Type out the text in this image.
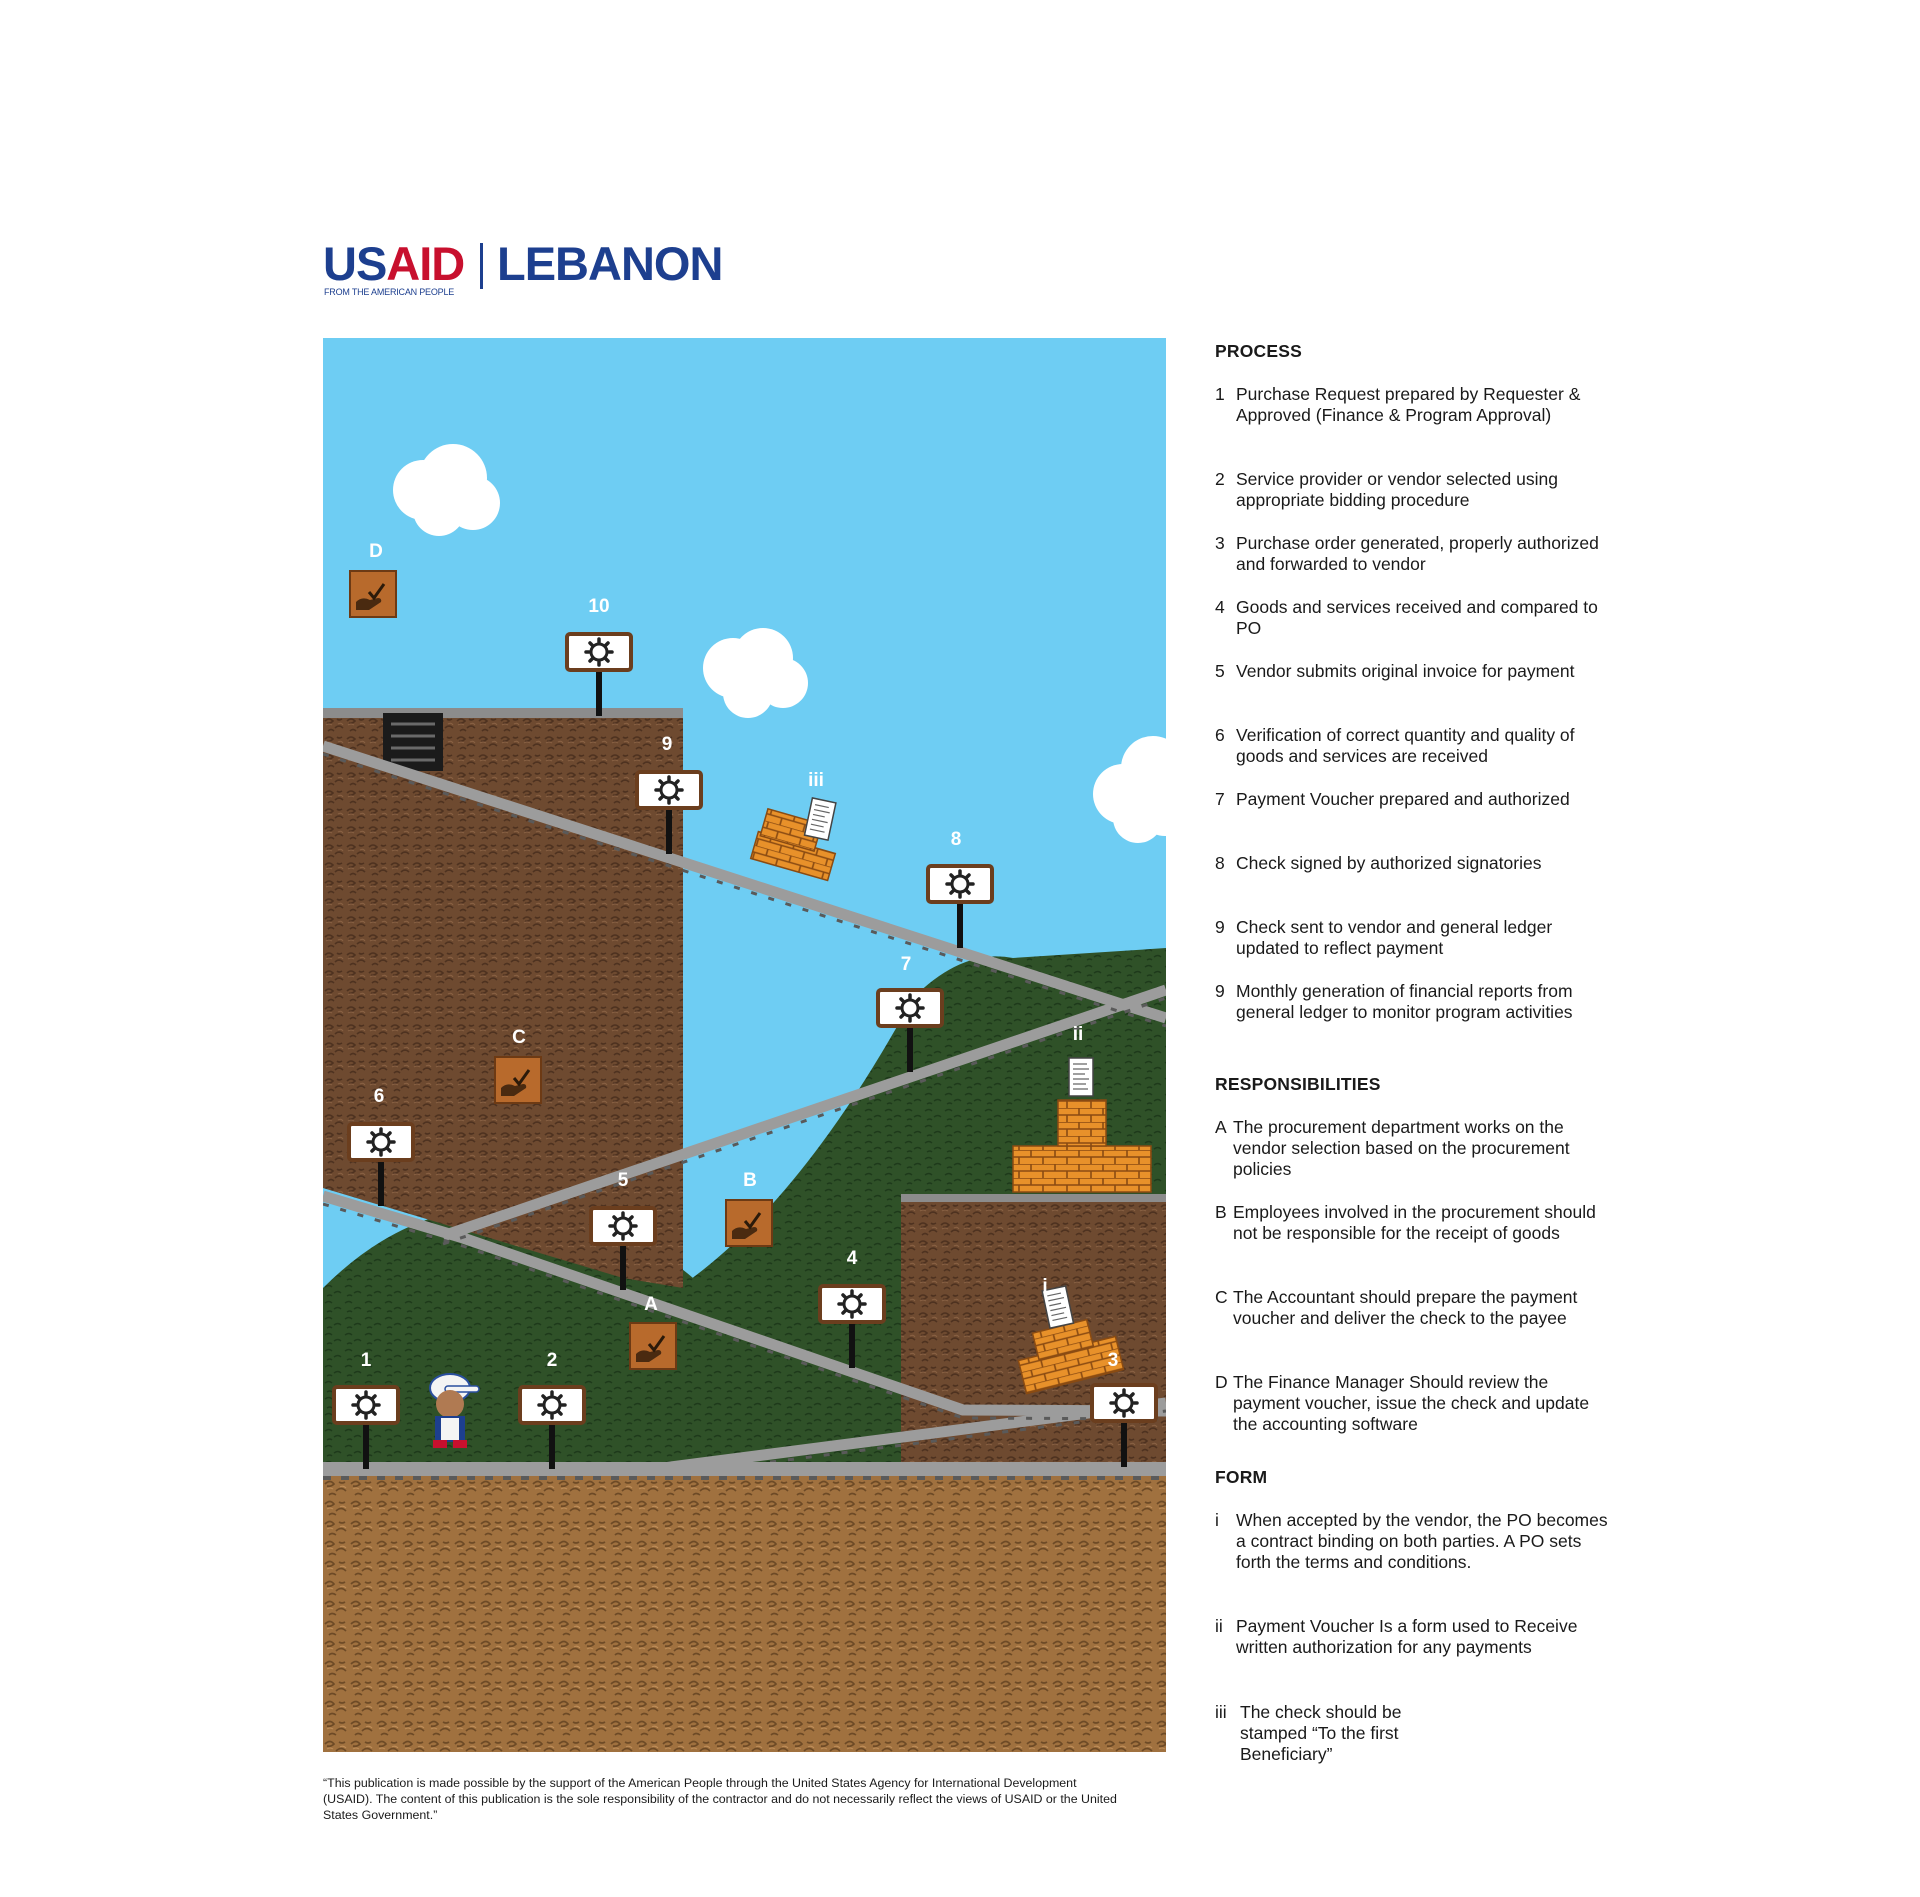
USAID
FROM THE AMERICAN PEOPLE
LEBANON
1	2	3
4
5
6
7
8
9
10
A
B
C
D
i
ii
iii
PROCESS
1 Purchase Request prepared by Requester & Approved (Finance & Program Approval)
2 Service provider or vendor selected using appropriate bidding procedure
3 Purchase order generated, properly authorized and forwarded to vendor
4 Goods and services received and compared to PO
5 Vendor submits original invoice for payment
6 Verification of correct quantity and quality of goods and services are received
7 Payment Voucher prepared and authorized
8 Check signed by authorized signatories
9 Check sent to vendor and general ledger updated to reflect payment
9 Monthly generation of financial reports from general ledger to monitor program activities
RESPONSIBILITIES
A The procurement department works on the vendor selection based on the procurement policies
B Employees involved in the procurement should not be responsible for the receipt of goods
C The Accountant should prepare the payment voucher and deliver the check to the payee
D The Finance Manager Should review the payment voucher, issue the check and update the accounting software
FORM
i When accepted by the vendor, the PO becomes a contract binding on both parties. A PO sets forth the terms and conditions.
ii Payment Voucher Is a form used to Receive written authorization for any payments
iii The check should be stamped “To the first Beneficiary”
“This publication is made possible by the support of the American People through the United States Agency for International Development (USAID). The content of this publication is the sole responsibility of the contractor and do not necessarily reflect the views of USAID or the United States Government.”
